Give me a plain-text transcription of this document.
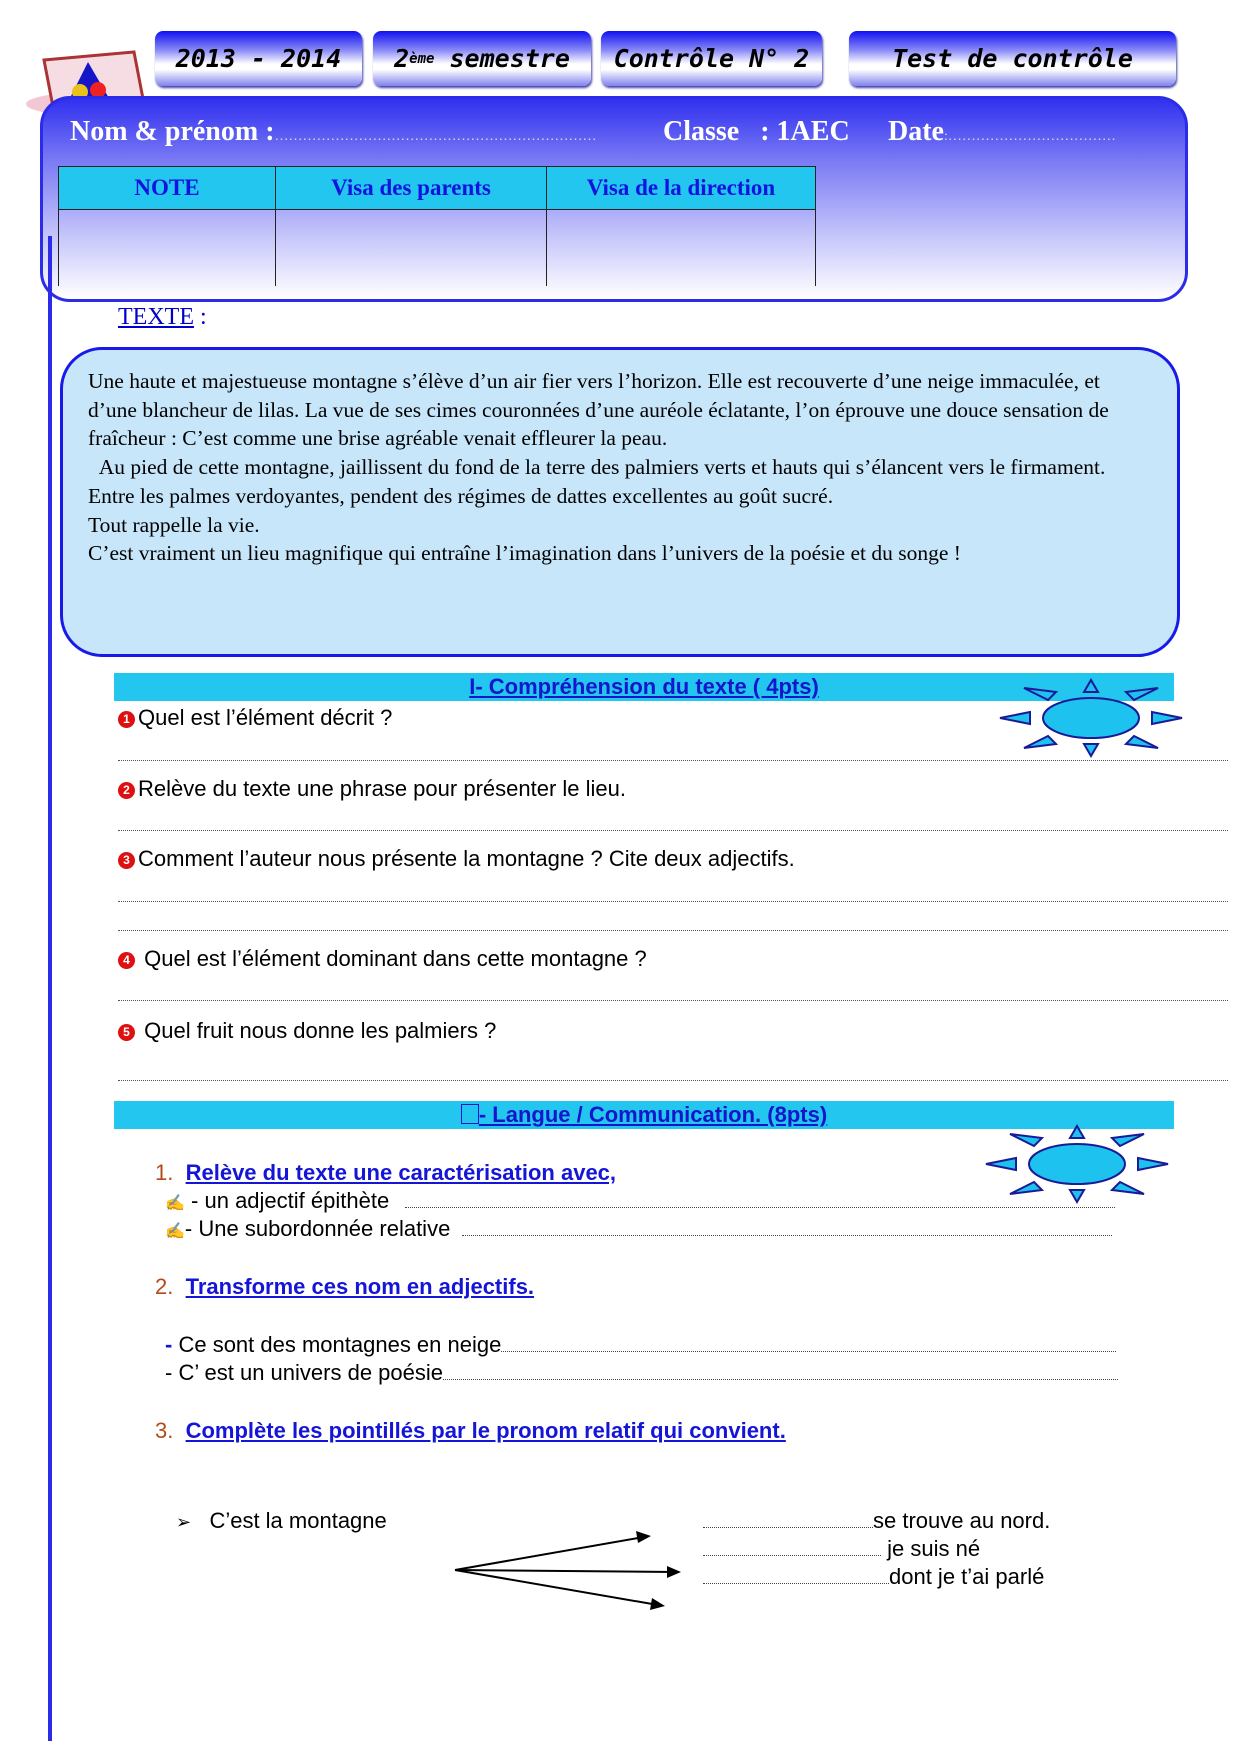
2013 - 2014 2 ème
semestre Contrôle N° 2	Test de contrôle
Nom & prénom :…………………………………………………………… Classe : 1AEC Date:………………………………
NOTE	Visa des parents	Visa de la direction

TEXTE :

Une haute et majestueuse montagne s’élève d’un air fier vers l’horizon. Elle est recouverte d’une neige immaculée, et d’une blancheur de lilas. La vue de ses cimes couronnées d’une auréole éclatante, l’on éprouve une douce sensation de fraîcheur : C’est comme une brise agréable venait effleurer la peau.

Au pied de cette montagne, jaillissent du fond de la terre des palmiers verts et hauts qui s’élancent vers le firmament.

Entre les palmes verdoyantes, pendent des régimes de dattes excellentes au goût sucré.

Tout rappelle la vie.

C’est vraiment un lieu magnifique qui entraîne l’imagination dans l’univers de la poésie et du songe !

I- Compréhension du texte ( 4pts)
1 Quel est l’élément décrit ?
2 Relève du texte une phrase pour présenter le lieu.
3 Comment l’auteur nous présente la montagne ? Cite deux adjectifs.
4 Quel est l’élément dominant dans cette montagne ?
5 Quel fruit nous donne les palmiers ?
- Langue / Communication. (8pts)
1. Relève du texte une caractérisation avec,
✍ - un adjectif épithète
✍- Une subordonnée relative
2. Transforme ces nom en adjectifs.
- Ce sont des montagnes en neige
- C’ est un univers de poésie
3. Complète les pointillés par le pronom relatif qui convient.
➢ C’est la montagne	se trouve au nord.
je suis né
dont je t’ai parlé
